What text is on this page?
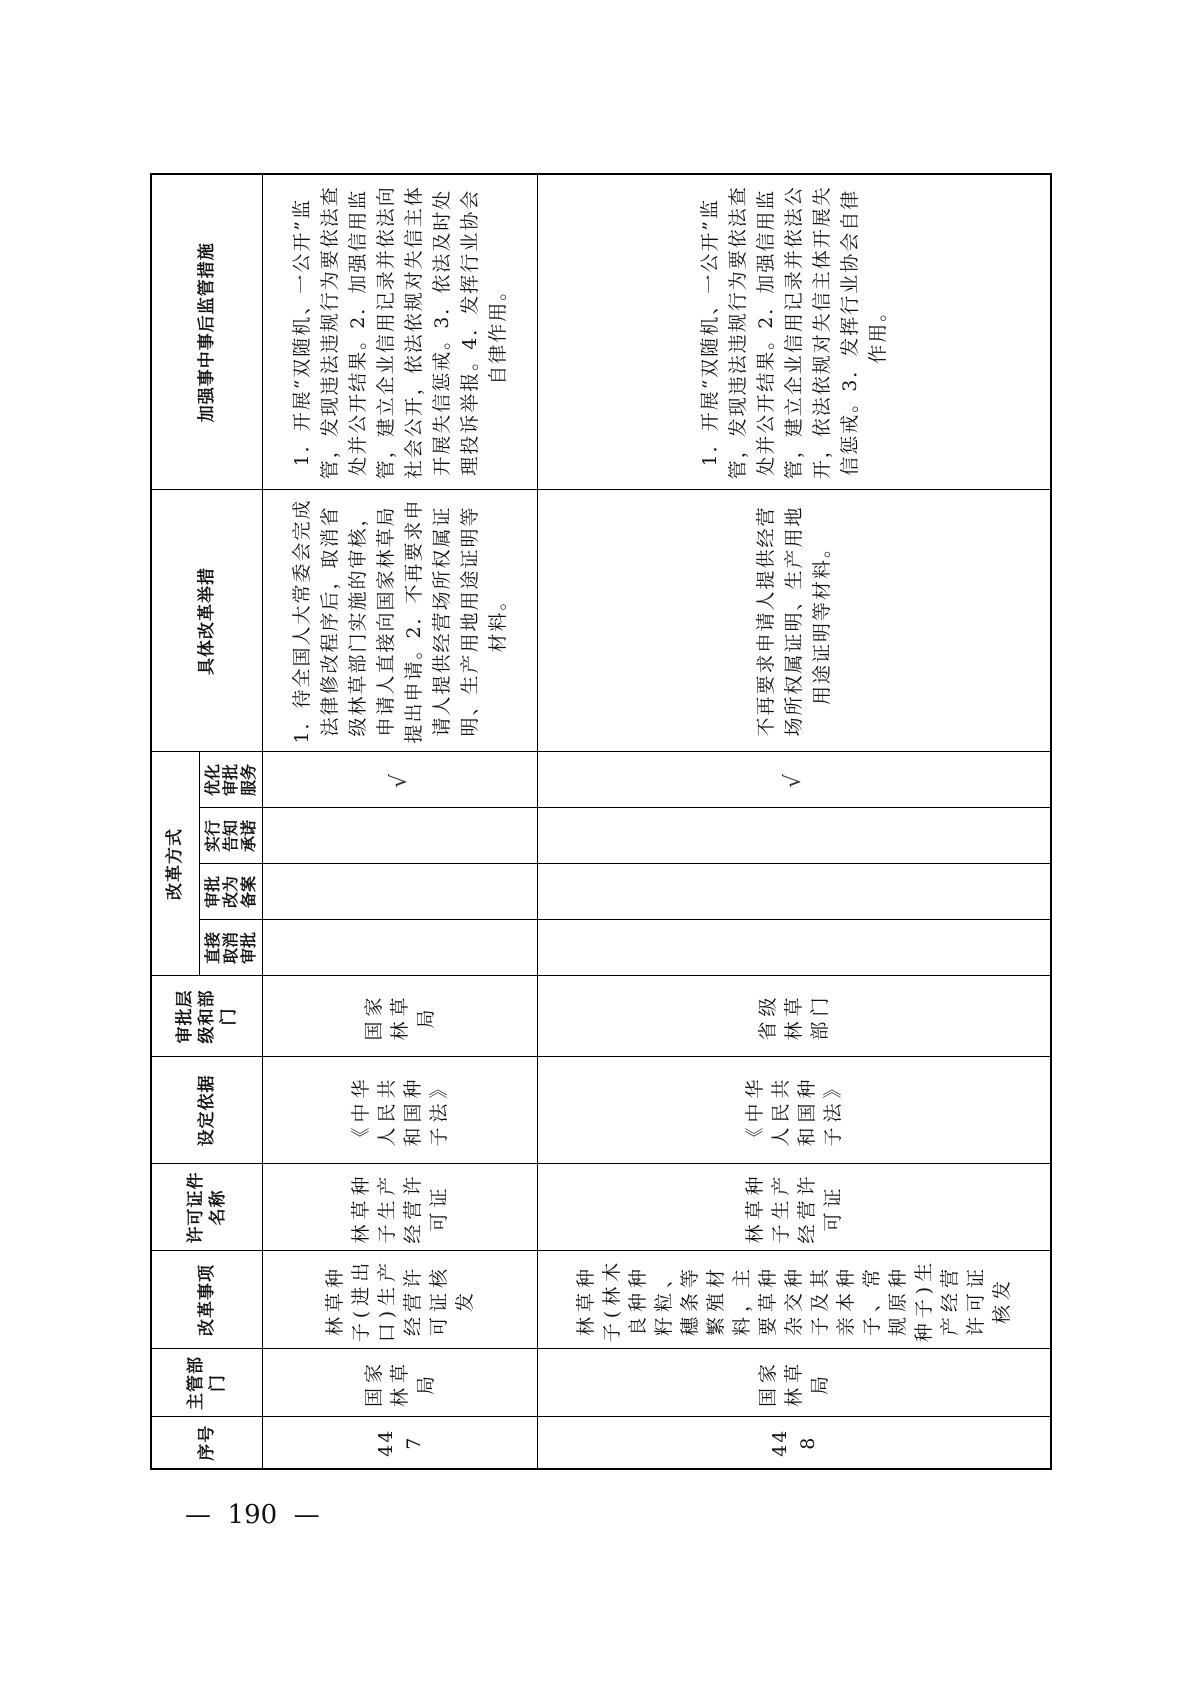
序号	主管部门	改革事项	许可证件名称	设定依据	审批层级和部门	改革方式				具体改革举措	加强事中事后监管措施
						直接取消审批	审批改为备案	实行告知承诺	优化审批服务		
447	国家林草局	林草种子(进出口)生产经营许可证核发	林草种子生产经营许可证	《中华人民共和国种子法》	国家林草局				√	1．待全国人大常委会完成法律修改程序后，取消省级林草部门实施的审核，申请人直接向国家林草局提出申请。2．不再要求申请人提供经营场所权属证明、生产用地用途证明等材料。	1．开展“双随机、一公开”监管，发现违法违规行为要依法查处并公开结果。2．加强信用监管，建立企业信用记录并依法向社会公开，依法依规对失信主体开展失信惩戒。3．依法及时处理投诉举报。4．发挥行业协会自律作用。
448	国家林草局	林草种子(林木良种种籽粒、穗条等繁殖材料，主要草种杂交种子及其亲本种子、常规原种种子)生产经营许可证核发	林草种子生产经营许可证	《中华人民共和国种子法》	省级林草部门				√	不再要求申请人提供经营场所权属证明、生产用地用途证明等材料。	1．开展“双随机、一公开”监管，发现违法违规行为要依法查处并公开结果。2．加强信用监管，建立企业信用记录并依法公开，依法依规对失信主体开展失信惩戒。3．发挥行业协会自律作用。
—  190  —
